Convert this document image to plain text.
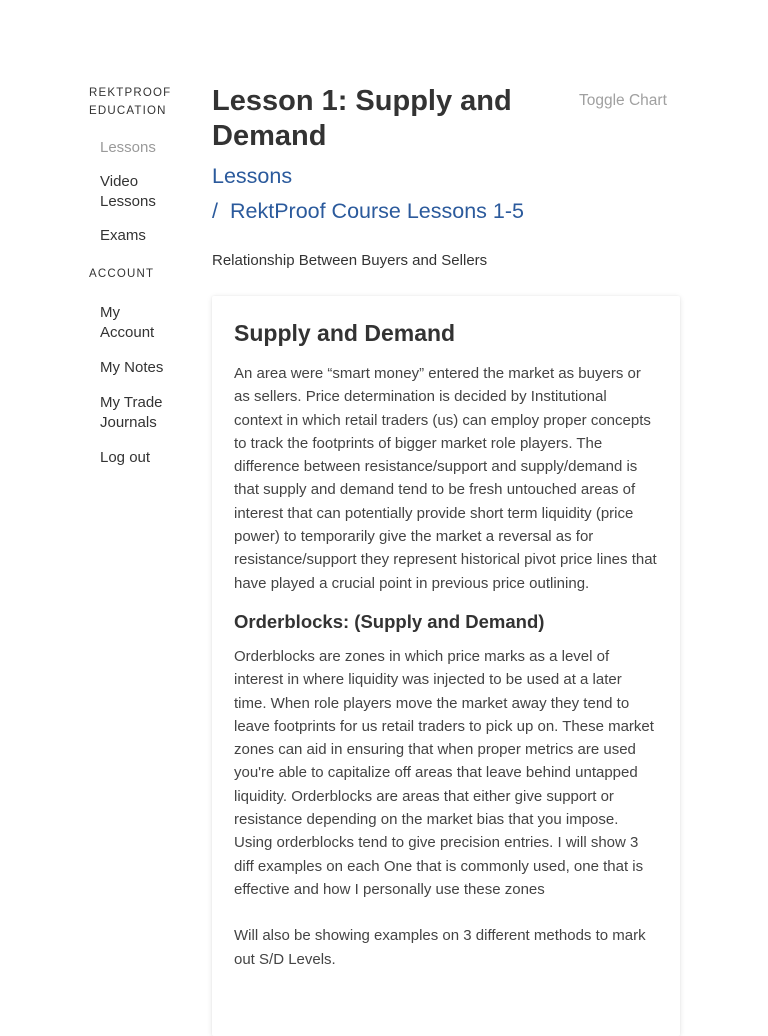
REKTPROOF EDUCATION

Lessons
Video Lessons
Exams

ACCOUNT

My Account
My Notes
My Trade Journals
Log out
Lesson 1: Supply and Demand
Toggle Chart
Lessons
/ RektProof Course Lessons 1-5
Relationship Between Buyers and Sellers
Supply and Demand

An area were “smart money” entered the market as buyers or as sellers. Price determination is decided by Institutional context in which retail traders (us) can employ proper concepts to track the footprints of bigger market role players. The difference between resistance/support and supply/demand is that supply and demand tend to be fresh untouched areas of interest that can potentially provide short term liquidity (price power) to temporarily give the market a reversal as for resistance/support they represent historical pivot price lines that have played a crucial point in previous price outlining.

Orderblocks: (Supply and Demand)

Orderblocks are zones in which price marks as a level of interest in where liquidity was injected to be used at a later time. When role players move the market away they tend to leave footprints for us retail traders to pick up on. These market zones can aid in ensuring that when proper metrics are used you're able to capitalize off areas that leave behind untapped liquidity. Orderblocks are areas that either give support or resistance depending on the market bias that you impose. Using orderblocks tend to give precision entries. I will show 3 diff examples on each One that is commonly used, one that is effective and how I personally use these zones

Will also be showing examples on 3 different methods to mark out S/D Levels.
